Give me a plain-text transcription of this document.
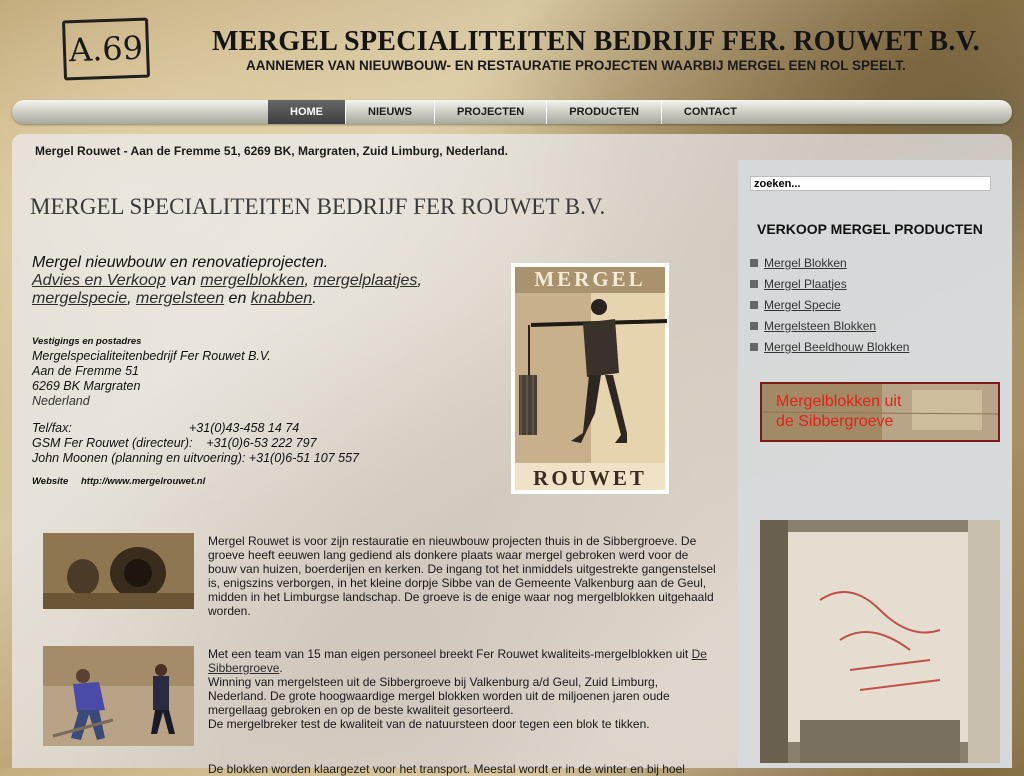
A.69 MERGEL SPECIALITEITEN BEDRIJF FER. ROUWET B.V.
AANNEMER VAN NIEUWBOUW- EN RESTAURATIE PROJECTEN WAARBIJ MERGEL EEN ROL SPEELT.
HOME	NIEUWS	PROJECTEN	PRODUCTEN	CONTACT
Mergel Rouwet - Aan de Fremme 51, 6269 BK, Margraten, Zuid Limburg, Nederland.
MERGEL SPECIALITEITEN BEDRIJF FER ROUWET B.V.
Mergel nieuwbouw en renovatieprojecten.
Advies en Verkoop van mergelblokken, mergelplaatjes,
mergelspecie, mergelsteen en knabben.
Vestigings en postadres
Mergelspecialiteitenbedrijf Fer Rouwet B.V.
Aan de Fremme 51
6269 BK Margraten
Nederland
Tel/fax:	+31(0)43-458 14 74
GSM Fer Rouwet (directeur): +31(0)6-53 222 797
John Moonen (planning en uitvoering): +31(0)6-51 107 557
Website	http://www.mergelrouwet.nl
MERGEL
ROUWET
Mergel Rouwet is voor zijn restauratie en nieuwbouw projecten thuis in de Sibbergroeve. De groeve heeft eeuwen lang gediend als donkere plaats waar mergel gebroken werd voor de bouw van huizen, boerderijen en kerken. De ingang tot het inmiddels uitgestrekte gangenstelsel is, enigszins verborgen, in het kleine dorpje Sibbe van de Gemeente Valkenburg aan de Geul, midden in het Limburgse landschap. De groeve is de enige waar nog mergelblokken uitgehaald worden.
Met een team van 15 man eigen personeel breekt Fer Rouwet kwaliteits-mergelblokken uit De Sibbergroeve.
Winning van mergelsteen uit de Sibbergroeve bij Valkenburg a/d Geul, Zuid Limburg, Nederland. De grote hoogwaardige mergel blokken worden uit de miljoenen jaren oude mergellaag gebroken en op de beste kwaliteit gesorteerd.
De mergelbreker test de kwaliteit van de natuursteen door tegen een blok te tikken.
De blokken worden klaargezet voor het transport. Meestal wordt er in de winter en bij hoel
zoeken...
VERKOOP MERGEL PRODUCTEN
Mergel Blokken
Mergel Plaatjes
Mergel Specie
Mergelsteen Blokken
Mergel Beeldhouw Blokken
Mergelblokken uit
de Sibbergroeve
